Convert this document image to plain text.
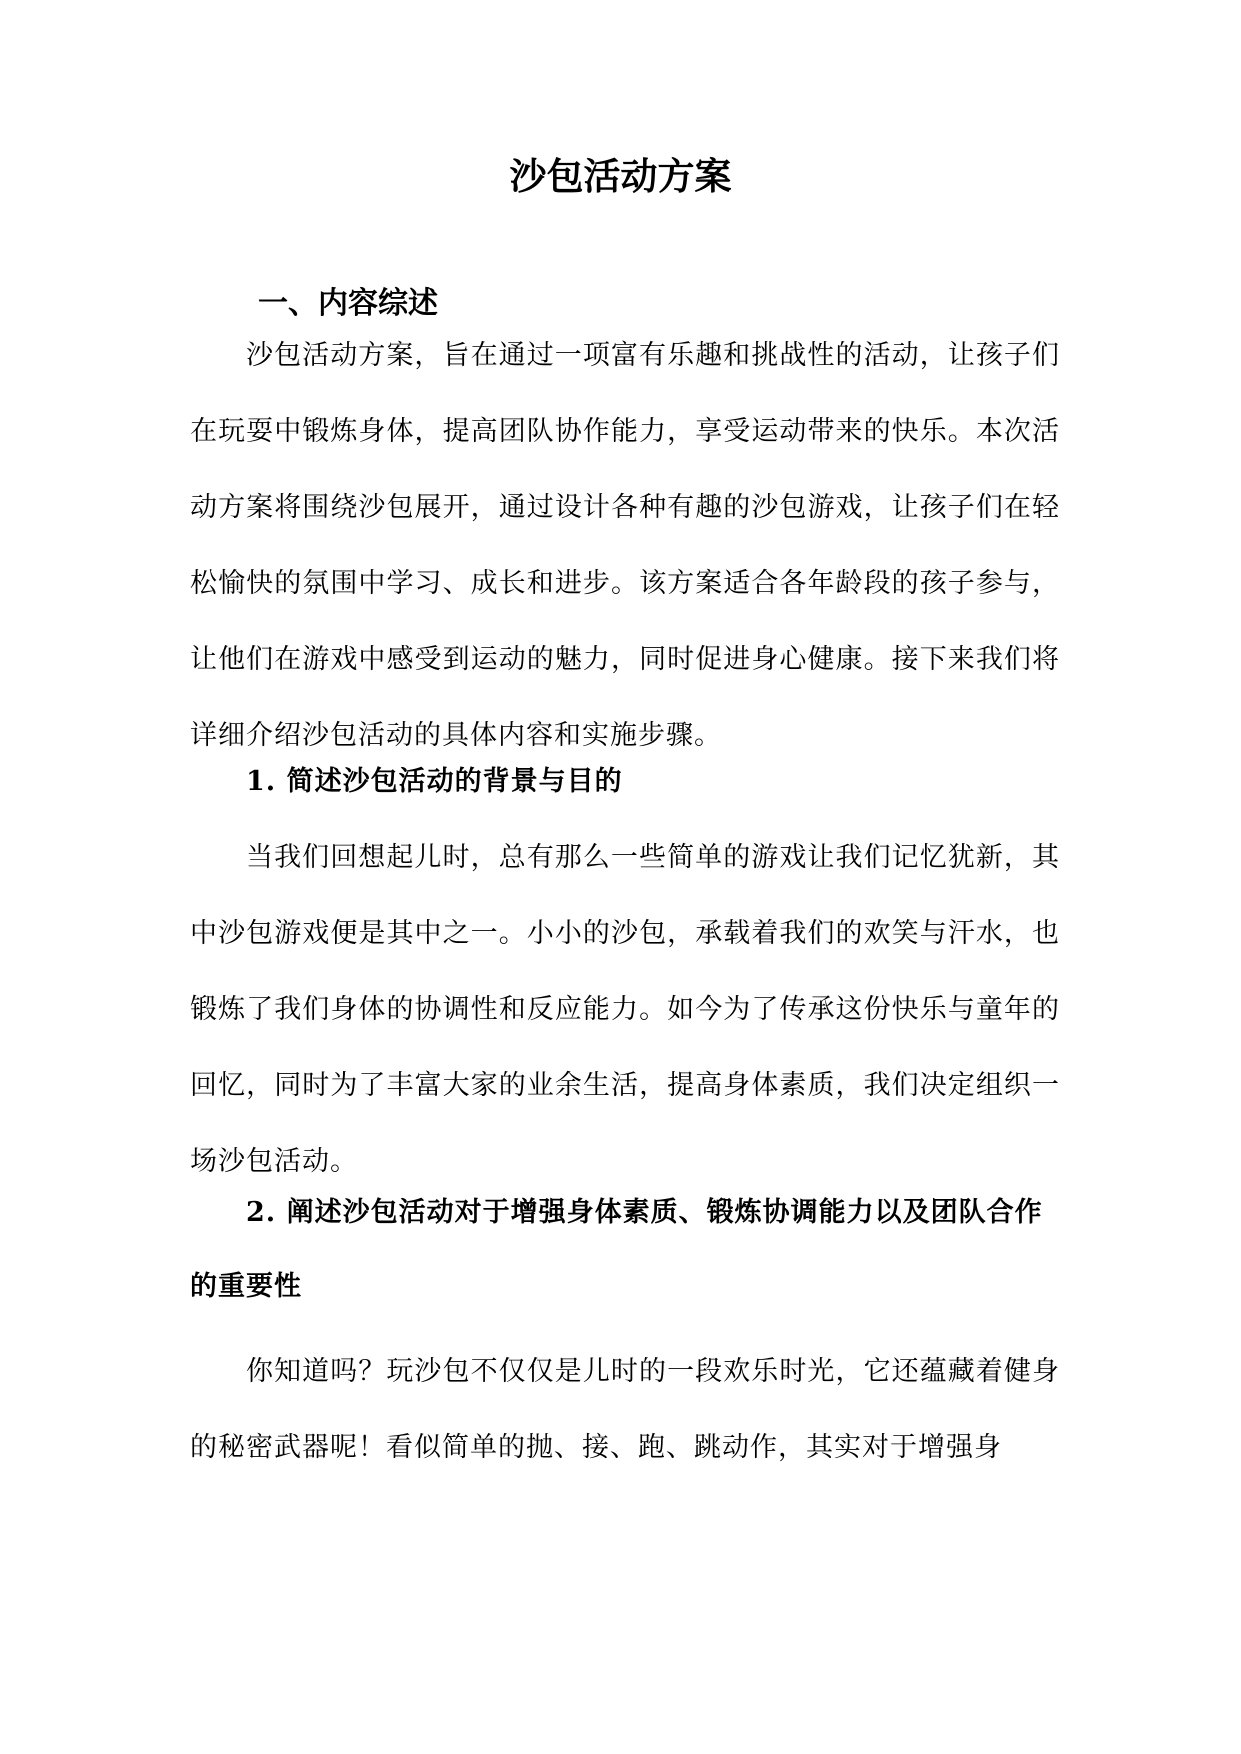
沙包活动方案
一、内容综述

沙包活动方案，旨在通过一项富有乐趣和挑战性的活动，让孩子们在玩耍中锻炼身体，提高团队协作能力，享受运动带来的快乐。本次活动方案将围绕沙包展开，通过设计各种有趣的沙包游戏，让孩子们在轻松愉快的氛围中学习、成长和进步。该方案适合各年龄段的孩子参与，让他们在游戏中感受到运动的魅力，同时促进身心健康。接下来我们将详细介绍沙包活动的具体内容和实施步骤。

1. 简述沙包活动的背景与目的

当我们回想起儿时，总有那么一些简单的游戏让我们记忆犹新，其中沙包游戏便是其中之一。小小的沙包，承载着我们的欢笑与汗水，也锻炼了我们身体的协调性和反应能力。如今为了传承这份快乐与童年的回忆，同时为了丰富大家的业余生活，提高身体素质，我们决定组织一场沙包活动。

2. 阐述沙包活动对于增强身体素质、锻炼协调能力以及团队合作的重要性

你知道吗？玩沙包不仅仅是儿时的一段欢乐时光，它还蕴藏着健身的秘密武器呢！看似简单的抛、接、跑、跳动作，其实对于增强身
